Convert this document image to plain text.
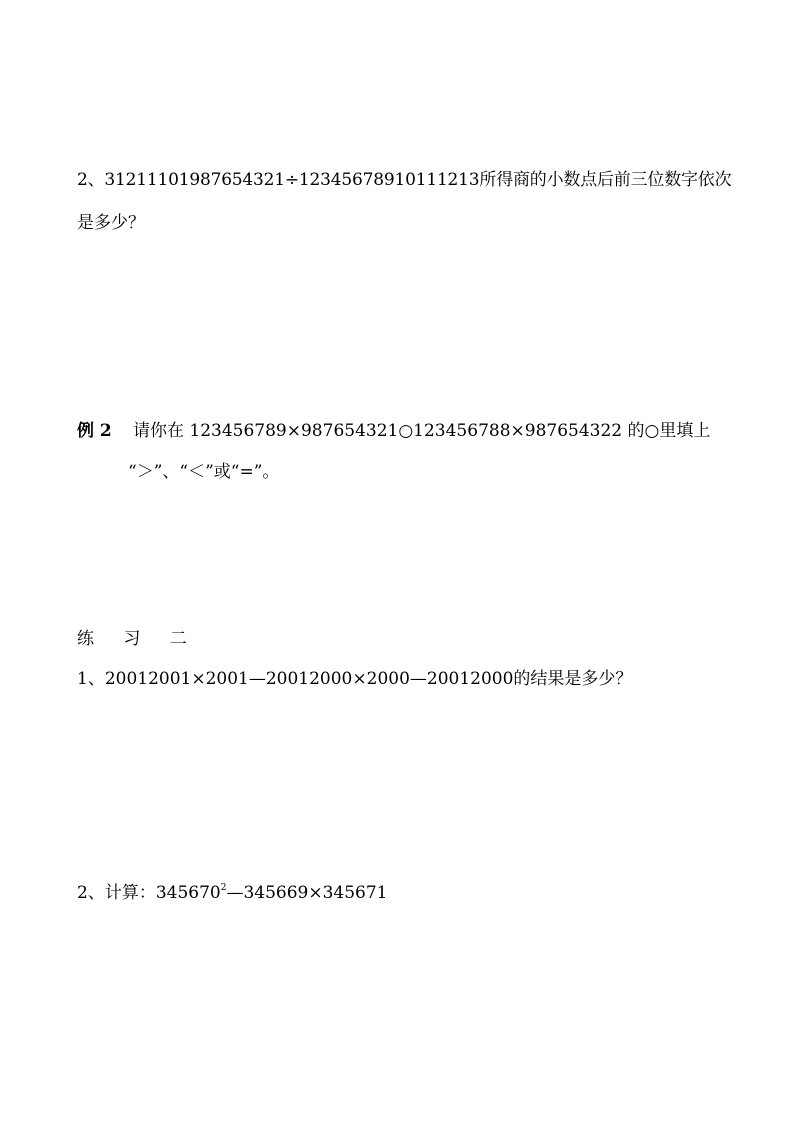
2、31211101987654321÷12345678910111213所得商的小数点后前三位数字依次
是多少？
例 2 请你在 123456789×987654321○123456788×987654322 的○里填上
“＞”、“＜”或“=”。
练 习 二
1、20012001×2001—20012000×2000—20012000的结果是多少？
2、计算：$345670^2—345669\times 345671$
